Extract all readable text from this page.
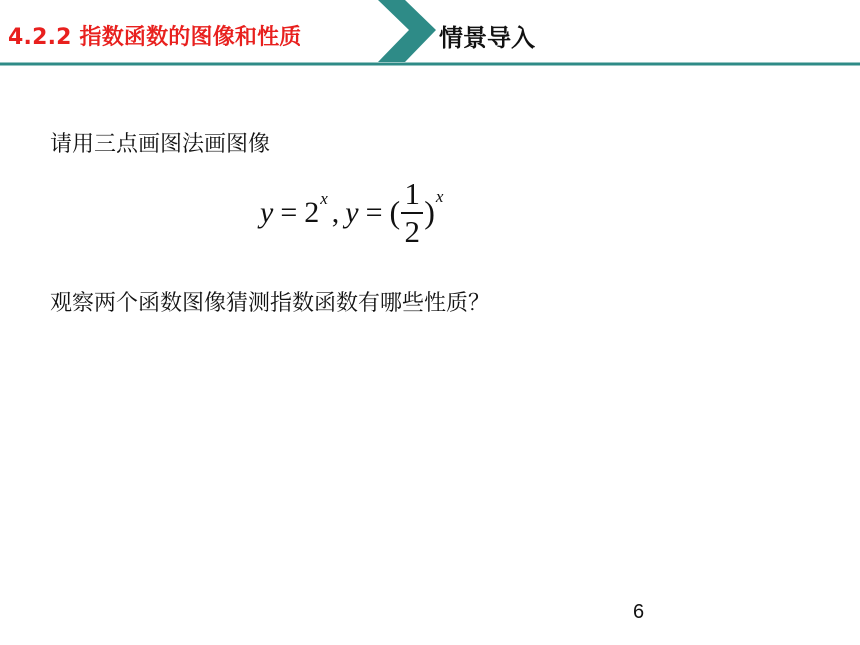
4.2.2 指数函数的图像和性质	情景导入
请用三点画图法画图像
y = 2 x , y = ( $\frac{1}{2}$ ) x
观察两个函数图像猜测指数函数有哪些性质？
6
